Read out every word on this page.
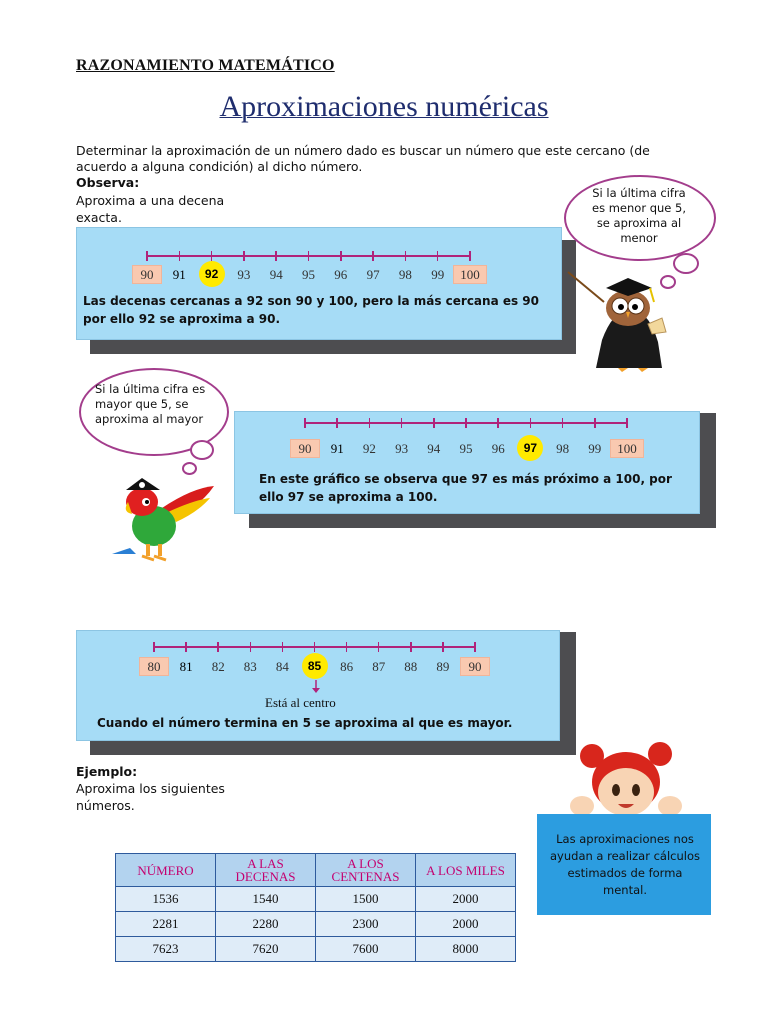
RAZONAMIENTO MATEMÁTICO
Aproximaciones numéricas
Determinar la aproximación de un número dado es buscar un número que este cercano (de acuerdo a alguna condición) al dicho número.
Observa:
Aproxima a una decena exacta.
Las decenas cercanas a 92 son 90 y 100, pero la más cercana es 90 por ello 92 se aproxima a 90.
90	91	92	93	94	95	96	97	98	99	100
Si la última cifra es menor que 5, se aproxima al menor
Si la última cifra es mayor que 5, se aproxima al mayor
En este gráfico se observa que 97 es más próximo a 100, por ello 97 se aproxima a 100.
90	91	92	93	94	95	96	97	98	99	100
Está al centro
Cuando el número termina en 5 se aproxima al que es mayor.
80	81	82	83	84	85	86	87	88	89	90
Ejemplo:
Aproxima los siguientes números.
NÚMERO	A LAS DECENAS	A LOS CENTENAS	A LOS MILES
1536	1540	1500	2000
2281	2280	2300	2000
7623	7620	7600	8000
Las aproximaciones nos ayudan a realizar cálculos estimados de forma mental.
